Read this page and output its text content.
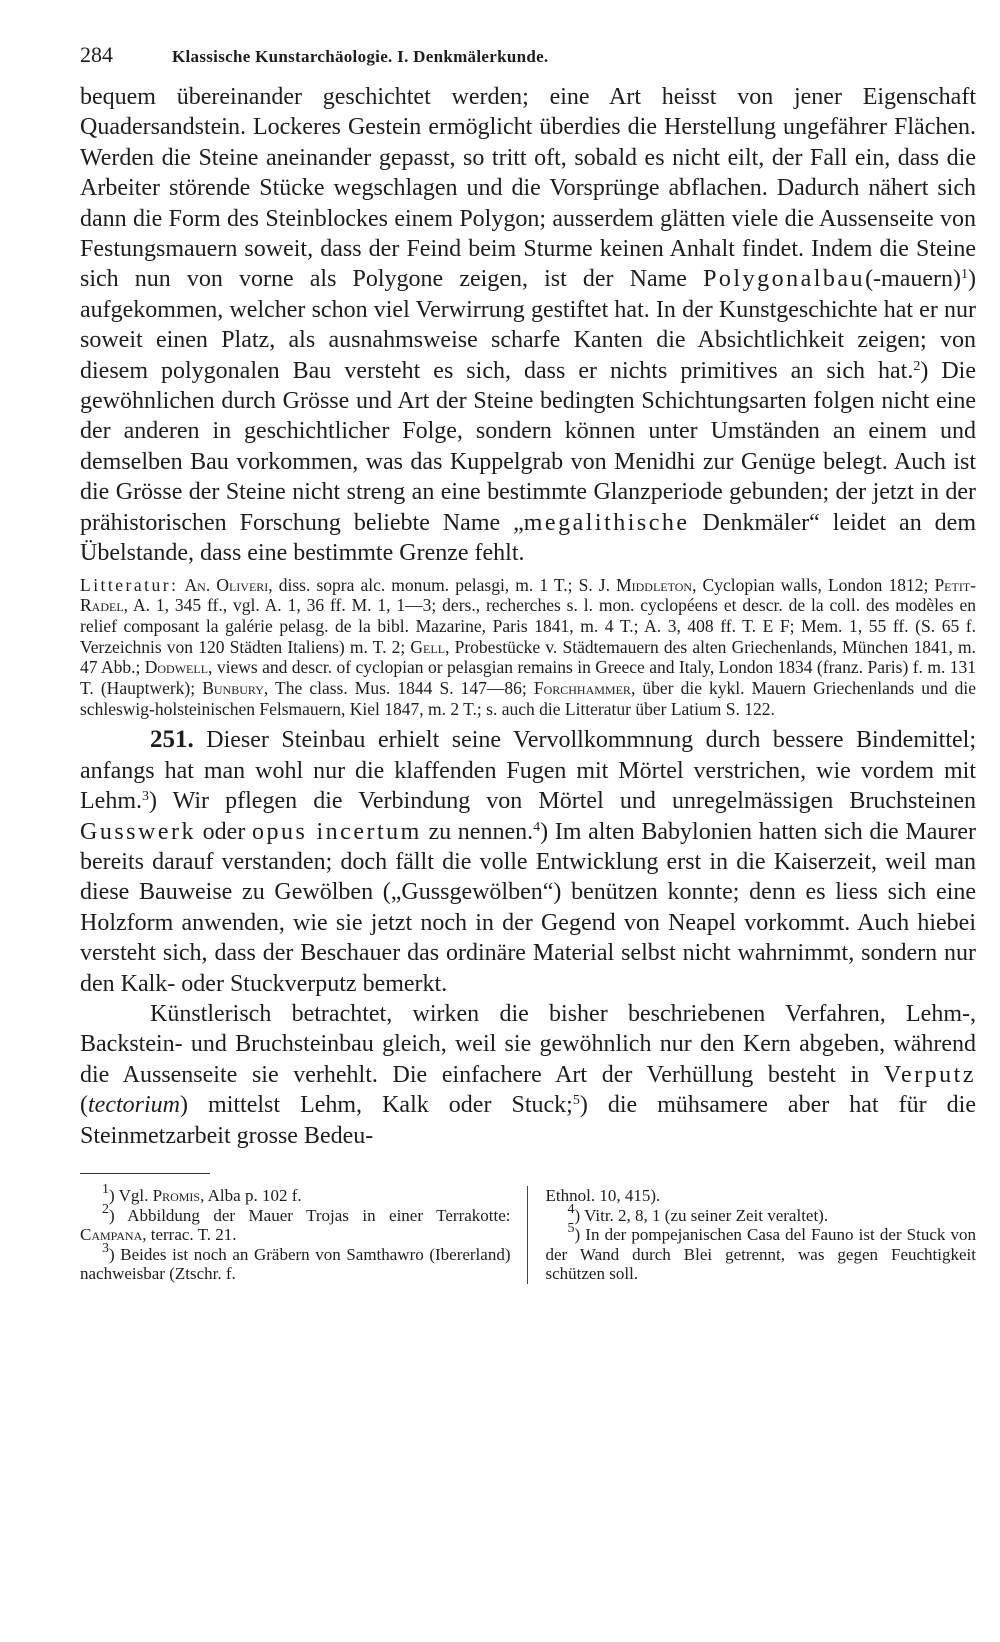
284	Klassische Kunstarchäologie. I. Denkmälerkunde.

bequem übereinander geschichtet werden; eine Art heisst von jener Eigenschaft Quadersandstein. Lockeres Gestein ermöglicht überdies die Herstellung ungefährer Flächen. Werden die Steine aneinander gepasst, so tritt oft, sobald es nicht eilt, der Fall ein, dass die Arbeiter störende Stücke wegschlagen und die Vorsprünge abflachen. Dadurch nähert sich dann die Form des Steinblockes einem Polygon; ausserdem glätten viele die Aussenseite von Festungsmauern soweit, dass der Feind beim Sturme keinen Anhalt findet. Indem die Steine sich nun von vorne als Polygone zeigen, ist der Name Polygonalbau(-mauern)$^1$) aufgekommen, welcher schon viel Verwirrung gestiftet hat. In der Kunstgeschichte hat er nur soweit einen Platz, als ausnahmsweise scharfe Kanten die Absichtlichkeit zeigen; von diesem polygonalen Bau versteht es sich, dass er nichts primitives an sich hat.$^2$) Die gewöhnlichen durch Grösse und Art der Steine bedingten Schichtungsarten folgen nicht eine der anderen in geschichtlicher Folge, sondern können unter Umständen an einem und demselben Bau vorkommen, was das Kuppelgrab von Menidhi zur Genüge belegt. Auch ist die Grösse der Steine nicht streng an eine bestimmte Glanzperiode gebunden; der jetzt in der prähistorischen Forschung beliebte Name „megalithische Denkmäler“ leidet an dem Übelstande, dass eine bestimmte Grenze fehlt.

Litteratur: An. Oliveri, diss. sopra alc. monum. pelasgi, m. 1 T.; S. J. Middleton, Cyclopian walls, London 1812; Petit-Radel, A. 1, 345 ff., vgl. A. 1, 36 ff. M. 1, 1—3; ders., recherches s. l. mon. cyclopéens et descr. de la coll. des modèles en relief composant la galérie pelasg. de la bibl. Mazarine, Paris 1841, m. 4 T.; A. 3, 408 ff. T. E F; Mem. 1, 55 ff. (S. 65 f. Verzeichnis von 120 Städten Italiens) m. T. 2; Gell, Probestücke v. Städtemauern des alten Griechenlands, München 1841, m. 47 Abb.; Dodwell, views and descr. of cyclopian or pelasgian remains in Greece and Italy, London 1834 (franz. Paris) f. m. 131 T. (Hauptwerk); Bunbury, The class. Mus. 1844 S. 147—86; Forchhammer, über die kykl. Mauern Griechenlands und die schleswig-holsteinischen Felsmauern, Kiel 1847, m. 2 T.; s. auch die Litteratur über Latium S. 122.

251. Dieser Steinbau erhielt seine Vervollkommnung durch bessere Bindemittel; anfangs hat man wohl nur die klaffenden Fugen mit Mörtel verstrichen, wie vordem mit Lehm.$^3$) Wir pflegen die Verbindung von Mörtel und unregelmässigen Bruchsteinen Gusswerk oder opus incertum zu nennen.$^4$) Im alten Babylonien hatten sich die Maurer bereits darauf verstanden; doch fällt die volle Entwicklung erst in die Kaiserzeit, weil man diese Bauweise zu Gewölben („Gussgewölben“) benützen konnte; denn es liess sich eine Holzform anwenden, wie sie jetzt noch in der Gegend von Neapel vorkommt. Auch hiebei versteht sich, dass der Beschauer das ordinäre Material selbst nicht wahrnimmt, sondern nur den Kalk- oder Stuckverputz bemerkt.

Künstlerisch betrachtet, wirken die bisher beschriebenen Verfahren, Lehm-, Backstein- und Bruchsteinbau gleich, weil sie gewöhnlich nur den Kern abgeben, während die Aussenseite sie verhehlt. Die einfachere Art der Verhüllung besteht in Verputz (tectorium) mittelst Lehm, Kalk oder Stuck;$^5$) die mühsamere aber hat für die Steinmetzarbeit grosse Bedeu-

$^1$) Vgl. Promis, Alba p. 102 f.

$^2$) Abbildung der Mauer Trojas in einer Terrakotte: Campana, terrac. T. 21.

$^3$) Beides ist noch an Gräbern von Samthawro (Ibererland) nachweisbar (Ztschr. f.

Ethnol. 10, 415).

$^4$) Vitr. 2, 8, 1 (zu seiner Zeit veraltet).

$^5$) In der pompejanischen Casa del Fauno ist der Stuck von der Wand durch Blei getrennt, was gegen Feuchtigkeit schützen soll.
